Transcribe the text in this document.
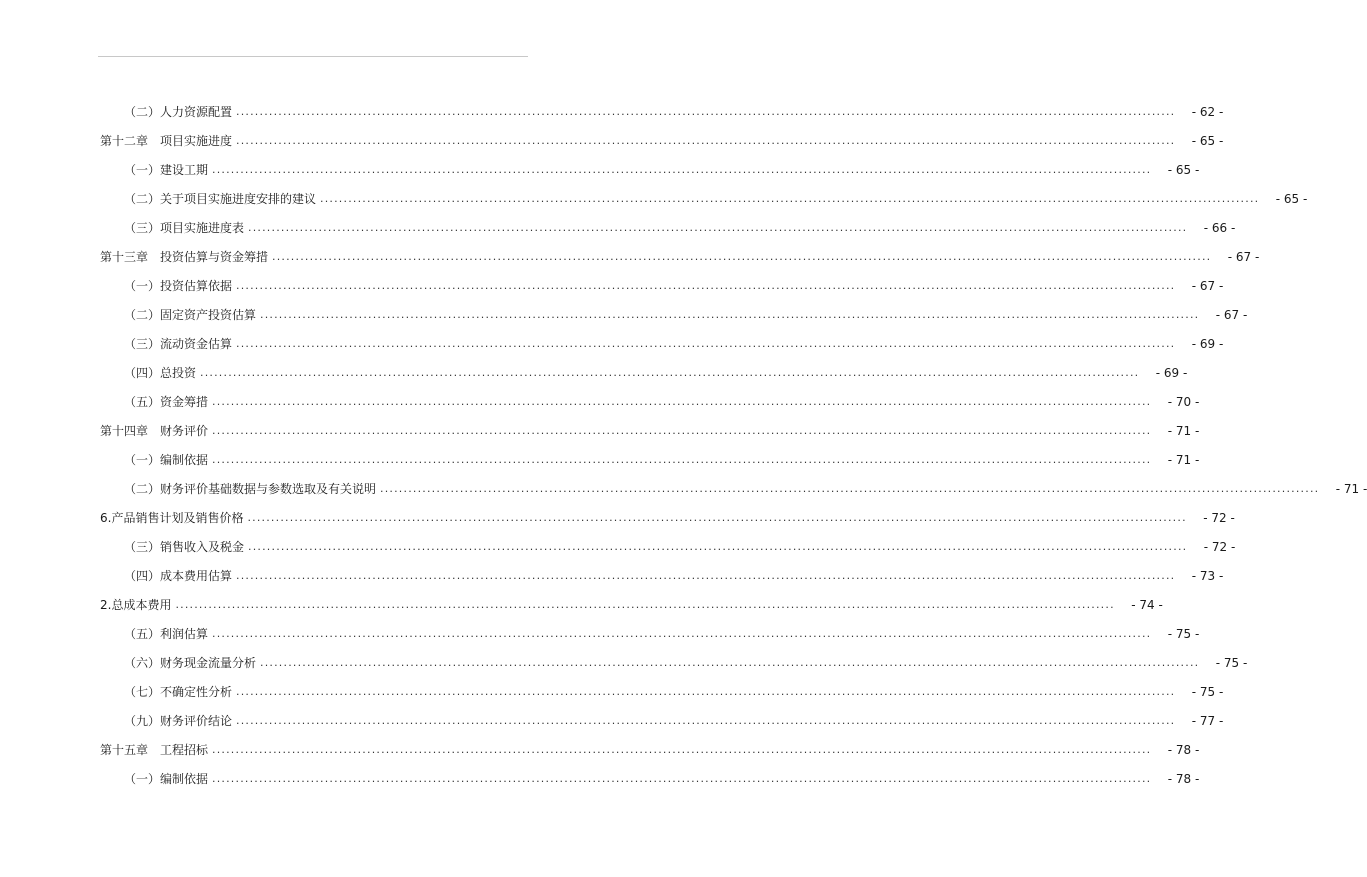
（二）人力资源配置 ........................................................................................................................................................................................................	- 62 -
第十二章　项目实施进度 ........................................................................................................................................................................................................	- 65 -
（一）建设工期 ........................................................................................................................................................................................................	- 65 -
（二）关于项目实施进度安排的建议 ........................................................................................................................................................................................................	- 65 -
（三）项目实施进度表 ........................................................................................................................................................................................................	- 66 -
第十三章　投资估算与资金筹措 ........................................................................................................................................................................................................	- 67 -
（一）投资估算依据 ........................................................................................................................................................................................................	- 67 -
（二）固定资产投资估算 ........................................................................................................................................................................................................	- 67 -
（三）流动资金估算 ........................................................................................................................................................................................................	- 69 -
（四）总投资 ........................................................................................................................................................................................................	- 69 -
（五）资金筹措 ........................................................................................................................................................................................................	- 70 -
第十四章　财务评价 ........................................................................................................................................................................................................	- 71 -
（一）编制依据 ........................................................................................................................................................................................................	- 71 -
（二）财务评价基础数据与参数选取及有关说明 ........................................................................................................................................................................................................	- 71 -
6.产品销售计划及销售价格 ........................................................................................................................................................................................................	- 72 -
（三）销售收入及税金 ........................................................................................................................................................................................................	- 72 -
（四）成本费用估算 ........................................................................................................................................................................................................	- 73 -
2.总成本费用 ........................................................................................................................................................................................................	- 74 -
（五）利润估算 ........................................................................................................................................................................................................	- 75 -
（六）财务现金流量分析 ........................................................................................................................................................................................................	- 75 -
（七）不确定性分析 ........................................................................................................................................................................................................	- 75 -
（九）财务评价结论 ........................................................................................................................................................................................................	- 77 -
第十五章　工程招标 ........................................................................................................................................................................................................	- 78 -
（一）编制依据 ........................................................................................................................................................................................................	- 78 -
